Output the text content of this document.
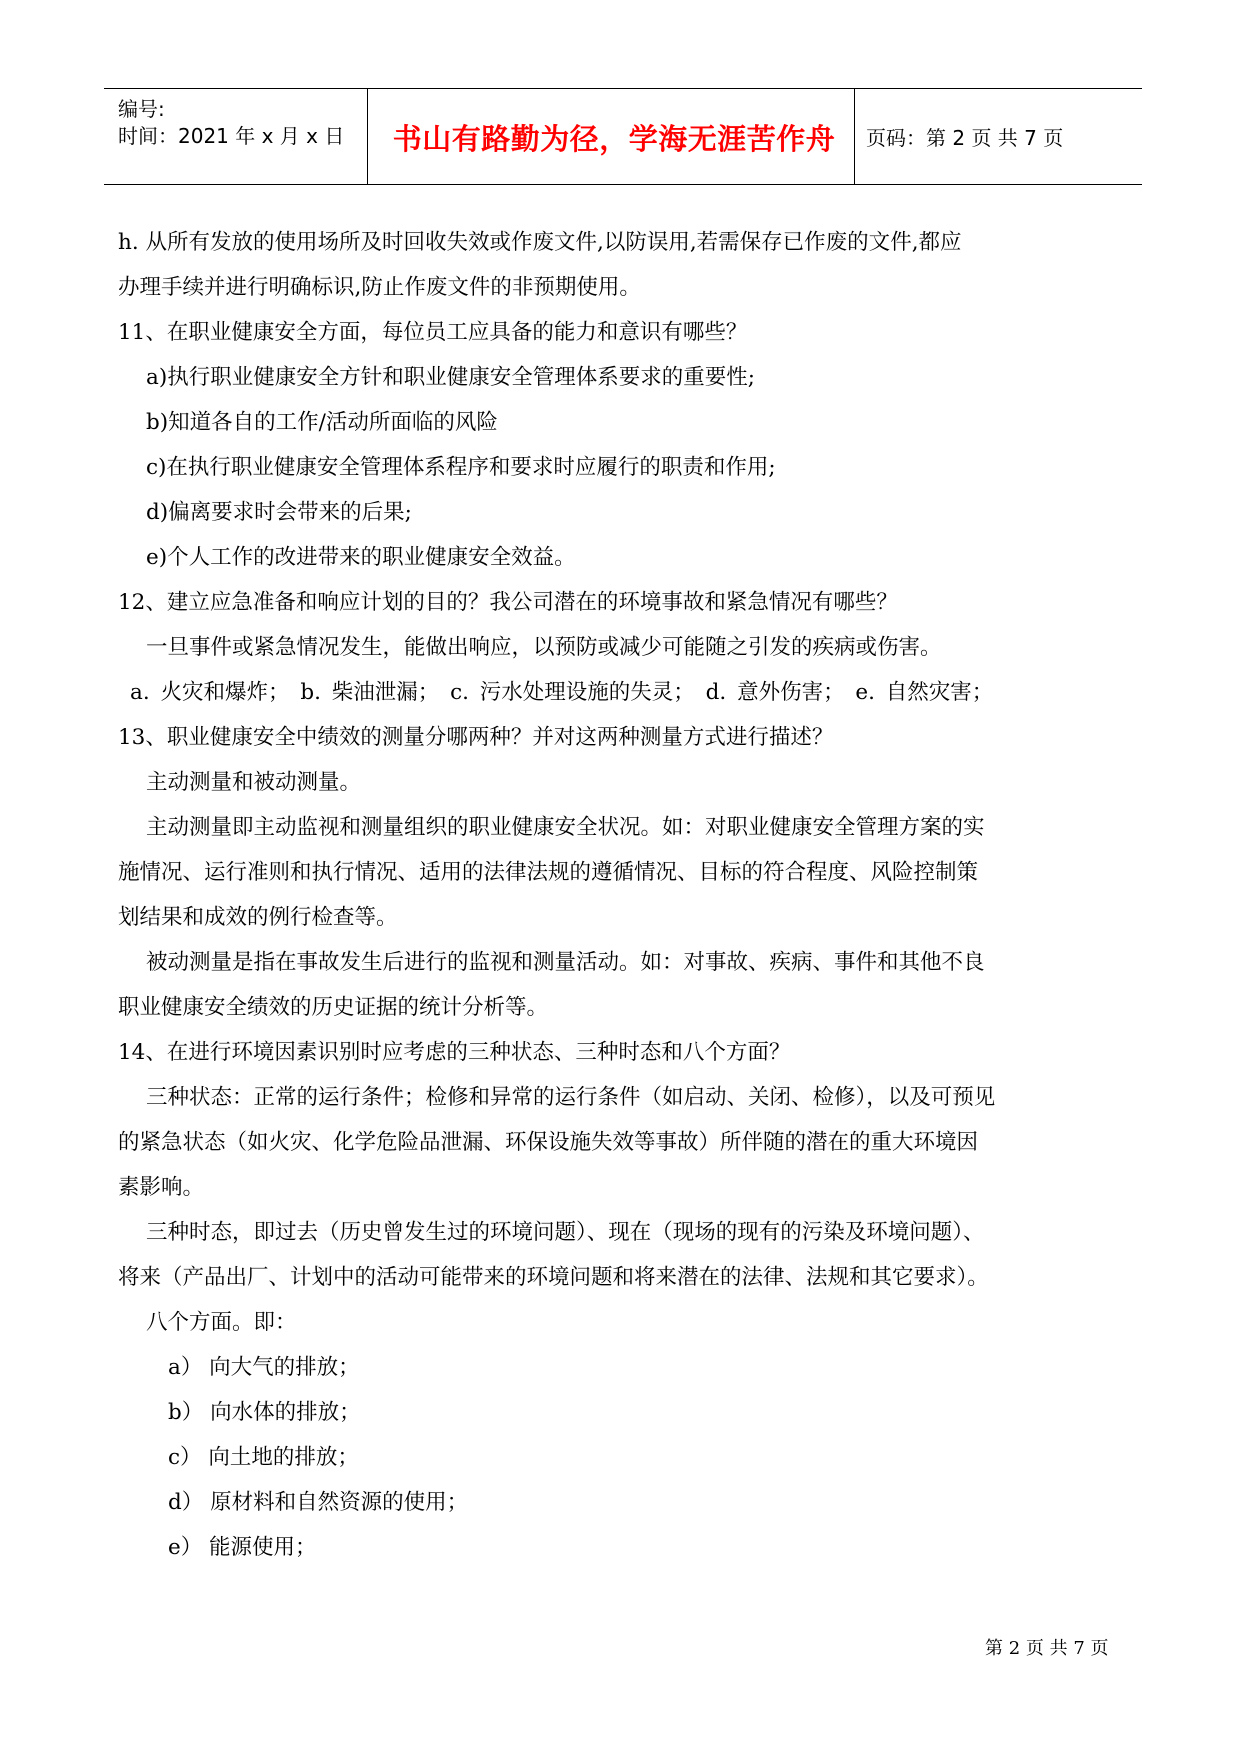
编号:
时间：2021 年 x 月 x 日	书山有路勤为径，学海无涯苦作舟	页码：第 2 页 共 7 页

h. 从所有发放的使用场所及时回收失效或作废文件,以防误用,若需保存已作废的文件,都应

办理手续并进行明确标识,防止作废文件的非预期使用。

11、在职业健康安全方面，每位员工应具备的能力和意识有哪些？

a)执行职业健康安全方针和职业健康安全管理体系要求的重要性;

b)知道各自的工作/活动所面临的风险

c)在执行职业健康安全管理体系程序和要求时应履行的职责和作用;

d)偏离要求时会带来的后果;

e)个人工作的改进带来的职业健康安全效益。

12、建立应急准备和响应计划的目的？我公司潜在的环境事故和紧急情况有哪些？

一旦事件或紧急情况发生，能做出响应，以预防或减少可能随之引发的疾病或伤害。

a. 火灾和爆炸； b. 柴油泄漏； c. 污水处理设施的失灵； d. 意外伤害； e. 自然灾害；

13、职业健康安全中绩效的测量分哪两种？并对这两种测量方式进行描述？

主动测量和被动测量。

主动测量即主动监视和测量组织的职业健康安全状况。如：对职业健康安全管理方案的实

施情况、运行准则和执行情况、适用的法律法规的遵循情况、目标的符合程度、风险控制策

划结果和成效的例行检查等。

被动测量是指在事故发生后进行的监视和测量活动。如：对事故、疾病、事件和其他不良

职业健康安全绩效的历史证据的统计分析等。

14、在进行环境因素识别时应考虑的三种状态、三种时态和八个方面？

三种状态：正常的运行条件；检修和异常的运行条件（如启动、关闭、检修），以及可预见

的紧急状态（如火灾、化学危险品泄漏、环保设施失效等事故）所伴随的潜在的重大环境因

素影响。

三种时态，即过去（历史曾发生过的环境问题）、现在（现场的现有的污染及环境问题）、

将来（产品出厂、计划中的活动可能带来的环境问题和将来潜在的法律、法规和其它要求）。

八个方面。即：

a） 向大气的排放；

b） 向水体的排放；

c） 向土地的排放；

d） 原材料和自然资源的使用；

e） 能源使用；

第 2 页 共 7 页
